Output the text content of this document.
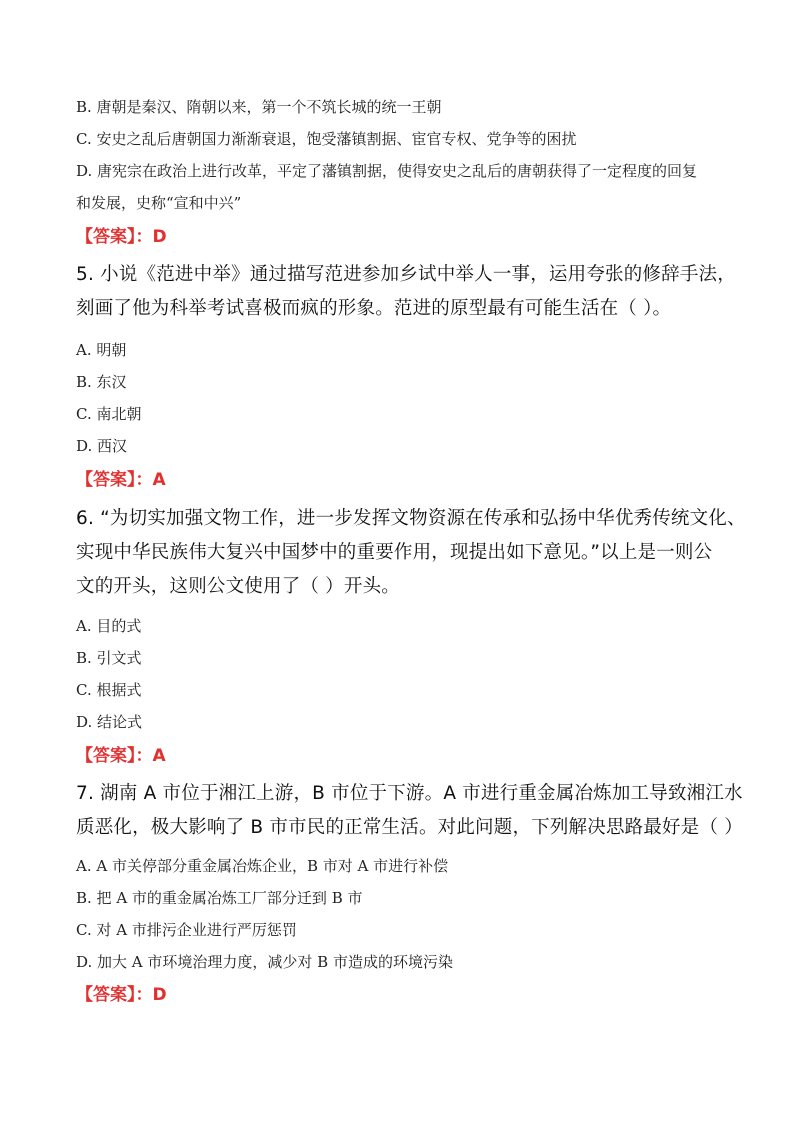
B. 唐朝是秦汉、隋朝以来，第一个不筑长城的统一王朝
C. 安史之乱后唐朝国力渐渐衰退，饱受藩镇割据、宦官专权、党争等的困扰
D. 唐宪宗在政治上进行改革，平定了藩镇割据，使得安史之乱后的唐朝获得了一定程度的回复
和发展，史称“宣和中兴”
【答案】：D
5. 小说《范进中举》通过描写范进参加乡试中举人一事，运用夸张的修辞手法，
刻画了他为科举考试喜极而疯的形象。范进的原型最有可能生活在（ ）。
A. 明朝
B. 东汉
C. 南北朝
D. 西汉
【答案】：A
6. “为切实加强文物工作，进一步发挥文物资源在传承和弘扬中华优秀传统文化、
实现中华民族伟大复兴中国梦中的重要作用，现提出如下意见。”以上是一则公
文的开头，这则公文使用了（ ）开头。
A. 目的式
B. 引文式
C. 根据式
D. 结论式
【答案】：A
7. 湖南 A 市位于湘江上游，B 市位于下游。A 市进行重金属冶炼加工导致湘江水
质恶化，极大影响了 B 市市民的正常生活。对此问题，下列解决思路最好是（ ）
A. A 市关停部分重金属冶炼企业，B 市对 A 市进行补偿
B. 把 A 市的重金属冶炼工厂部分迁到 B 市
C. 对 A 市排污企业进行严厉惩罚
D. 加大 A 市环境治理力度，减少对 B 市造成的环境污染
【答案】：D
